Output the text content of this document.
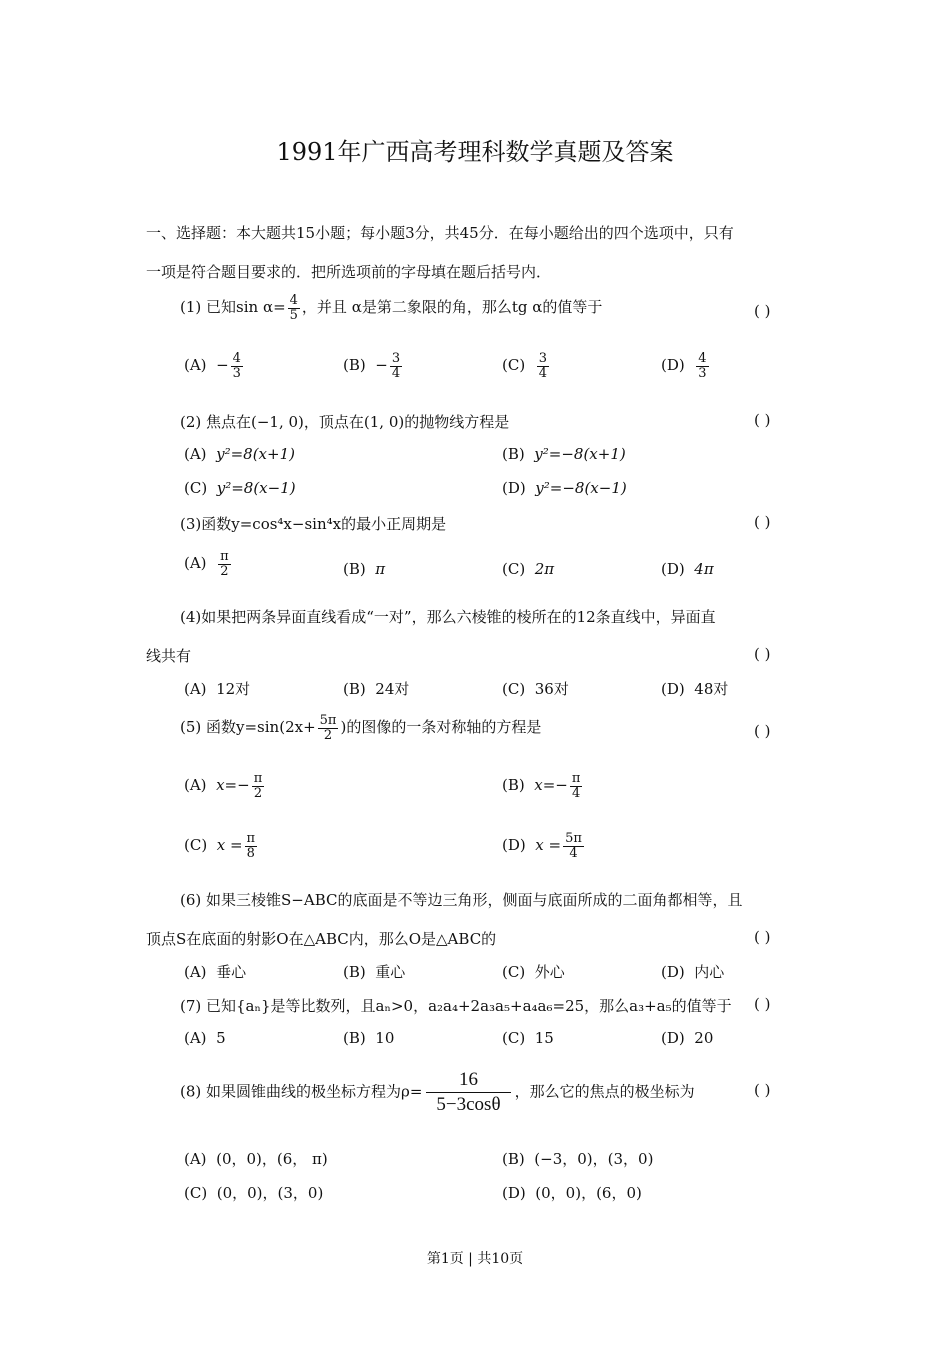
1991年广西高考理科数学真题及答案
一、选择题：本大题共15小题；每小题3分，共45分．在每小题给出的四个选项中，只有
一项是符合题目要求的．把所选项前的字母填在题后括号内．
(1) 已知$\sin \alpha= \frac{4}{5}$ ，并且 α是第二象限的角，那么tg α的值等于	( )
$(A) - \frac{4}{3}$	$(B) - \frac{3}{4}$	$(C) \frac{3}{4}$	$(D) \frac{4}{3}$
(2) 焦点在(−1, 0)，顶点在(1, 0)的抛物线方程是	( )
(A) y²=8(x+1)	(B) y²=−8(x+1)
(C) y²=8(x−1)	(D) y²=−8(x−1)
(3)函数y=cos⁴x−sin⁴x的最小正周期是	( )
$(A) \frac{\pi}{2}$	(B) π	(C) 2π	(D) 4π
(4)如果把两条异面直线看成“一对”，那么六棱锥的棱所在的12条直线中，异面直
线共有	( )
(A) 12对	(B) 24对	(C) 36对	(D) 48对
(5) 函数$y=\sin(2x+ \frac{5\pi}{2}$ )的图像的一条对称轴的方程是	( )
(A) $x=- \frac{\pi}{2}$	(B) $x=- \frac{\pi}{4}$
(C) $x = \frac{\pi}{8}$	(D) $x = \frac{5\pi}{4}$
(6) 如果三棱锥S−ABC的底面是不等边三角形，侧面与底面所成的二面角都相等，且
顶点S在底面的射影O在△ABC内，那么O是△ABC的	( )
(A) 垂心	(B) 重心	(C) 外心	(D) 内心
(7) 已知{aₙ}是等比数列，且aₙ>0，a₂a₄+2a₃a₅+a₄a₆=25，那么a₃+a₅的值等于 ( )
(A) 5	(B) 10	(C) 15	(D) 20
(8) 如果圆锥曲线的极坐标方程为$\rho= \frac{16}{5-3\cos\theta}$ ，那么它的焦点的极坐标为	( )
(A) (0，0)，(6， π)	(B) (−3，0)，(3，0)
(C) (0，0)，(3，0)	(D) (0，0)，(6，0)
第1页 | 共10页
